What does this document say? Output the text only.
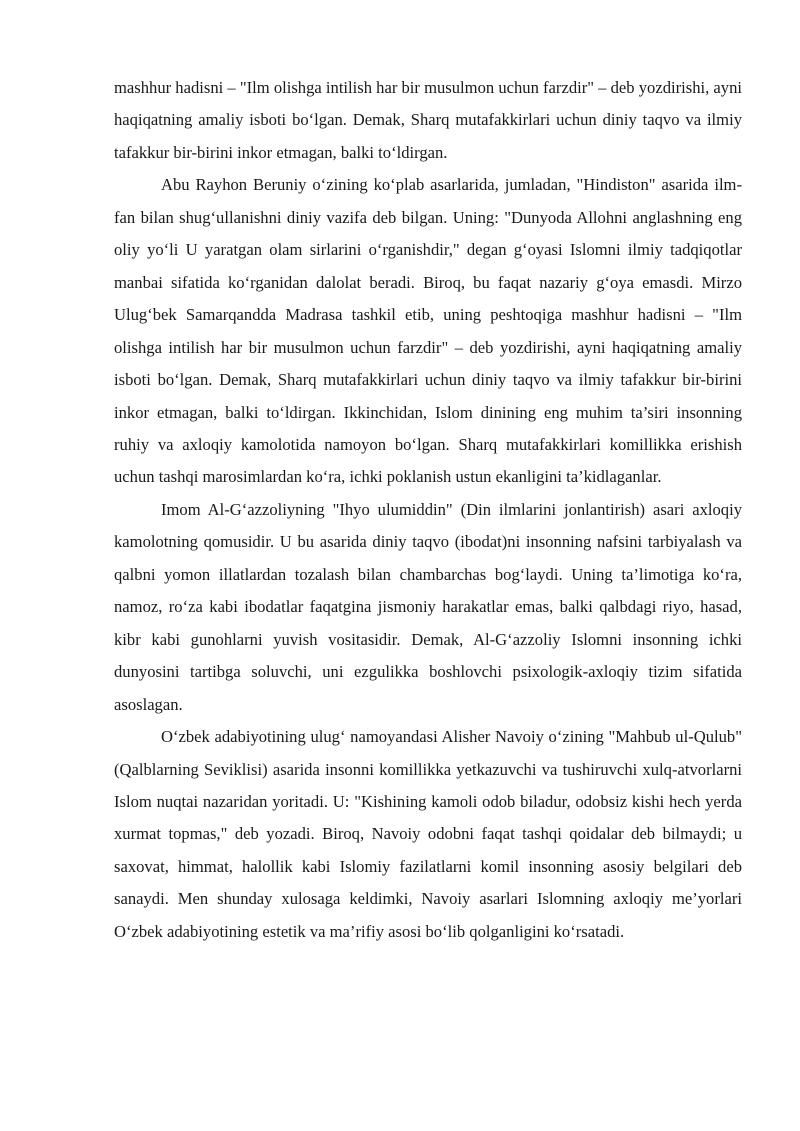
mashhur hadisni – "Ilm olishga intilish har bir musulmon uchun farzdir" – deb yozdirishi, ayni haqiqatning amaliy isboti bo‘lgan. Demak, Sharq mutafakkirlari uchun diniy taqvo va ilmiy tafakkur bir-birini inkor etmagan, balki to‘ldirgan.

Abu Rayhon Beruniy o‘zining ko‘plab asarlarida, jumladan, "Hindiston" asarida ilm-fan bilan shug‘ullanishni diniy vazifa deb bilgan. Uning: "Dunyoda Allohni anglashning eng oliy yo‘li U yaratgan olam sirlarini o‘rganishdir," degan g‘oyasi Islomni ilmiy tadqiqotlar manbai sifatida ko‘rganidan dalolat beradi. Biroq, bu faqat nazariy g‘oya emasdi. Mirzo Ulug‘bek Samarqandda Madrasa tashkil etib, uning peshtoqiga mashhur hadisni – "Ilm olishga intilish har bir musulmon uchun farzdir" – deb yozdirishi, ayni haqiqatning amaliy isboti bo‘lgan. Demak, Sharq mutafakkirlari uchun diniy taqvo va ilmiy tafakkur bir-birini inkor etmagan, balki to‘ldirgan. Ikkinchidan, Islom dinining eng muhim ta’siri insonning ruhiy va axloqiy kamolotida namoyon bo‘lgan. Sharq mutafakkirlari komillikka erishish uchun tashqi marosimlardan ko‘ra, ichki poklanish ustun ekanligini ta’kidlaganlar.

Imom Al-G‘azzoliyning "Ihyo ulumiddin" (Din ilmlarini jonlantirish) asari axloqiy kamolotning qomusidir. U bu asarida diniy taqvo (ibodat)ni insonning nafsini tarbiyalash va qalbni yomon illatlardan tozalash bilan chambarchas bog‘laydi. Uning ta’limotiga ko‘ra, namoz, ro‘za kabi ibodatlar faqatgina jismoniy harakatlar emas, balki qalbdagi riyo, hasad, kibr kabi gunohlarni yuvish vositasidir. Demak, Al-G‘azzoliy Islomni insonning ichki dunyosini tartibga soluvchi, uni ezgulikka boshlovchi psixologik-axloqiy tizim sifatida asoslagan.

O‘zbek adabiyotining ulug‘ namoyandasi Alisher Navoiy o‘zining "Mahbub ul-Qulub" (Qalblarning Seviklisi) asarida insonni komillikka yetkazuvchi va tushiruvchi xulq-atvorlarni Islom nuqtai nazaridan yoritadi. U: "Kishining kamoli odob biladur, odobsiz kishi hech yerda xurmat topmas," deb yozadi. Biroq, Navoiy odobni faqat tashqi qoidalar deb bilmaydi; u saxovat, himmat, halollik kabi Islomiy fazilatlarni komil insonning asosiy belgilari deb sanaydi. Men shunday xulosaga keldimki, Navoiy asarlari Islomning axloqiy me’yorlari O‘zbek adabiyotining estetik va ma’rifiy asosi bo‘lib qolganligini ko‘rsatadi.
